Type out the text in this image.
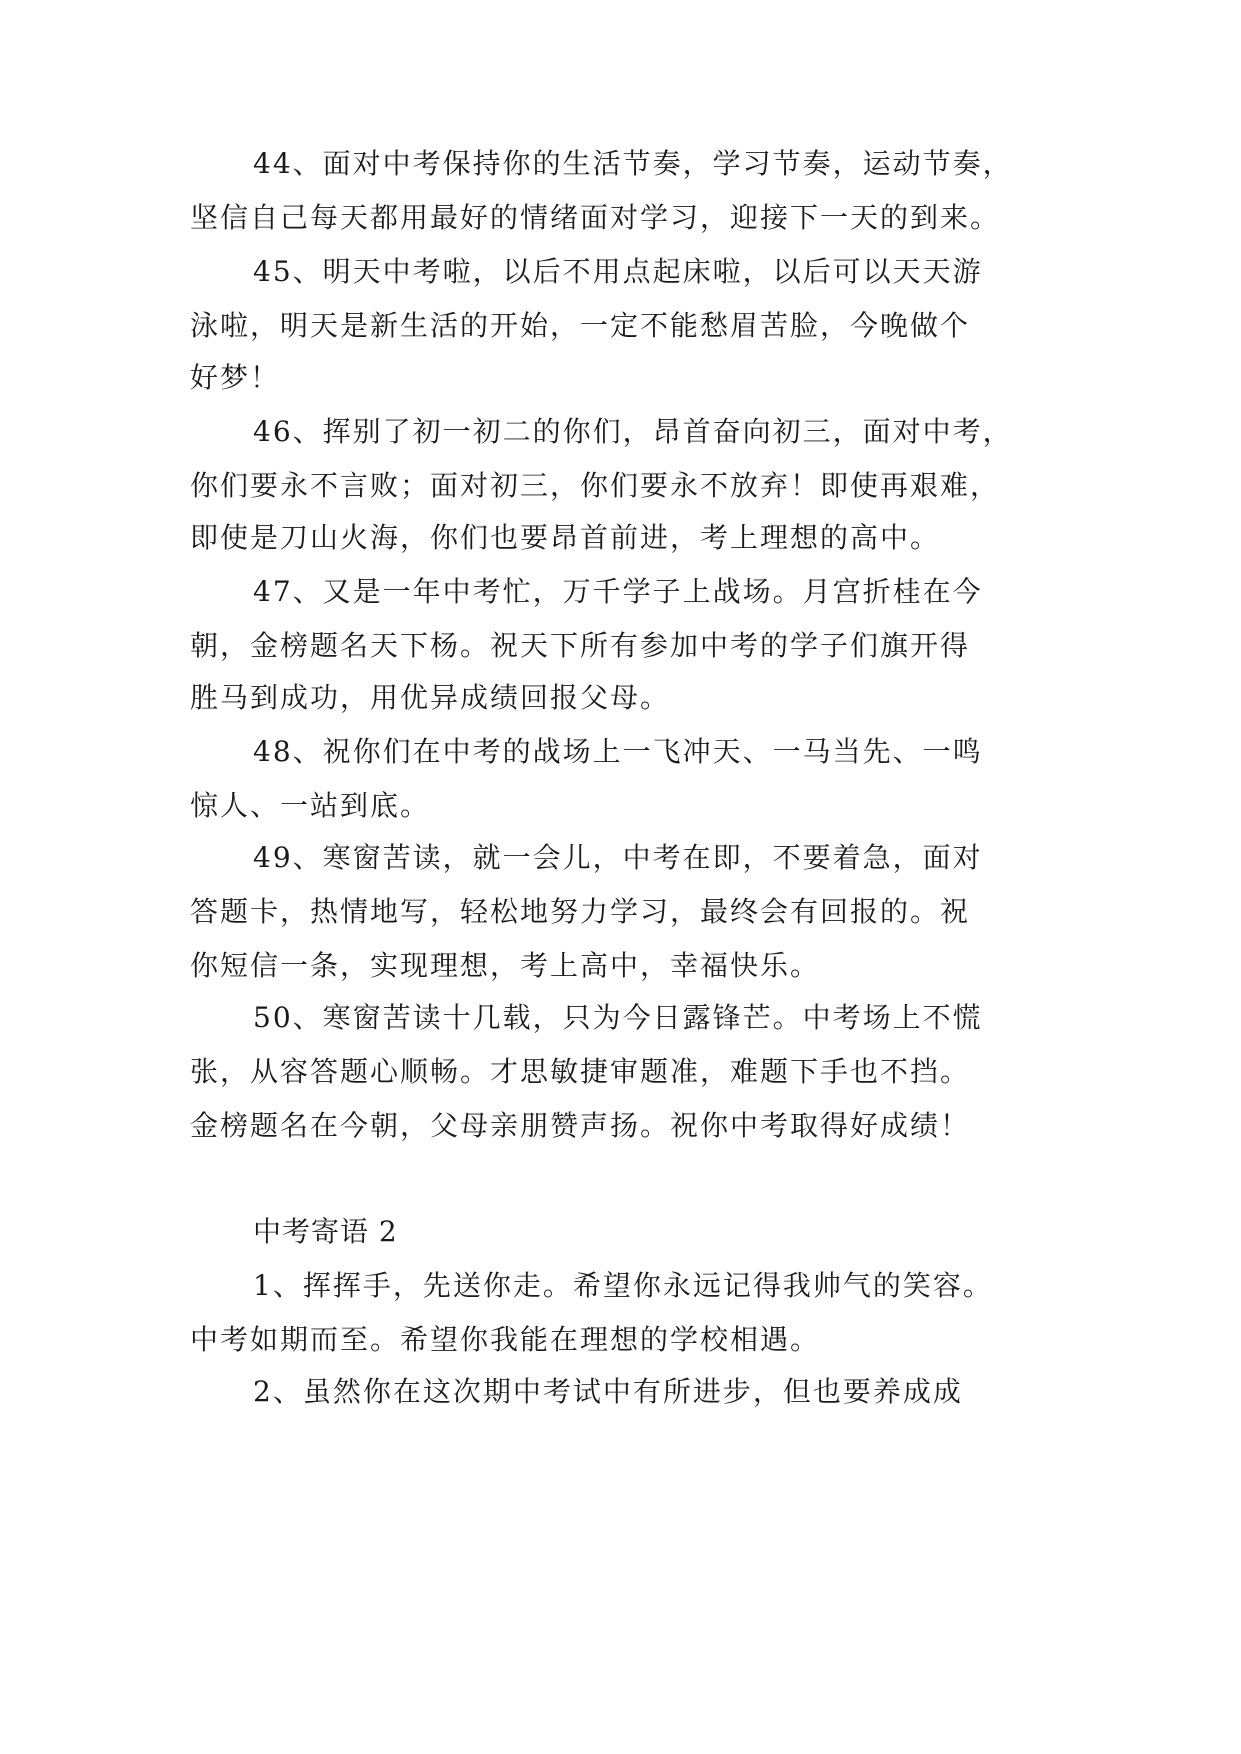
44、面对中考保持你的生活节奏，学习节奏，运动节奏，
坚信自己每天都用最好的情绪面对学习，迎接下一天的到来。
45、明天中考啦，以后不用点起床啦，以后可以天天游
泳啦，明天是新生活的开始，一定不能愁眉苦脸，今晚做个
好梦！
46、挥别了初一初二的你们，昂首奋向初三，面对中考，
你们要永不言败；面对初三，你们要永不放弃！即使再艰难，
即使是刀山火海，你们也要昂首前进，考上理想的高中。
47、又是一年中考忙，万千学子上战场。月宫折桂在今
朝，金榜题名天下杨。祝天下所有参加中考的学子们旗开得
胜马到成功，用优异成绩回报父母。
48、祝你们在中考的战场上一飞冲天、一马当先、一鸣
惊人、一站到底。
49、寒窗苦读，就一会儿，中考在即，不要着急，面对
答题卡，热情地写，轻松地努力学习，最终会有回报的。祝
你短信一条，实现理想，考上高中，幸福快乐。
50、寒窗苦读十几载，只为今日露锋芒。中考场上不慌
张，从容答题心顺畅。才思敏捷审题准，难题下手也不挡。
金榜题名在今朝，父母亲朋赞声扬。祝你中考取得好成绩！
中考寄语 2
1、挥挥手，先送你走。希望你永远记得我帅气的笑容。
中考如期而至。希望你我能在理想的学校相遇。
2、虽然你在这次期中考试中有所进步，但也要养成成
